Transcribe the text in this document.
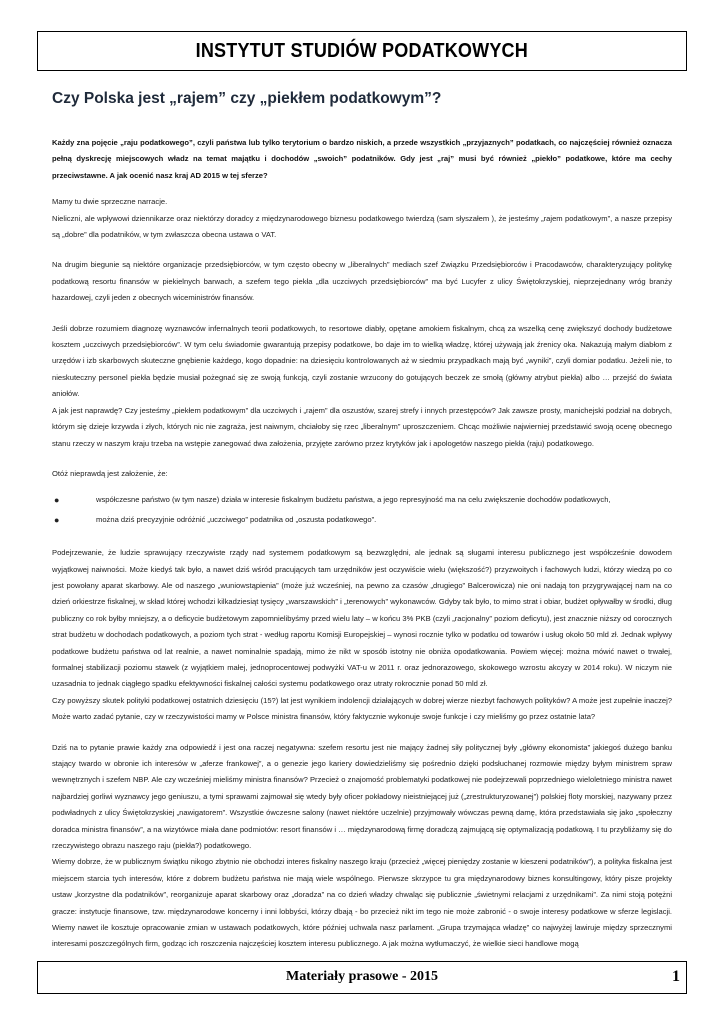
INSTYTUT STUDIÓW PODATKOWYCH
Czy Polska jest „rajem” czy „piekłem podatkowym”?

Każdy zna pojęcie „raju podatkowego”, czyli państwa lub tylko terytorium o bardzo niskich, a przede wszystkich „przyjaznych” podatkach, co najczęściej również oznacza pełną dyskrecję miejscowych władz na temat majątku i dochodów „swoich” podatników. Gdy jest „raj” musi być również „piekło” podatkowe, które ma cechy przeciwstawne. A jak ocenić nasz kraj AD 2015 w tej sferze?

Mamy tu dwie sprzeczne narracje.

Nieliczni, ale wpływowi dziennikarze oraz niektórzy doradcy z międzynarodowego biznesu podatkowego twierdzą (sam słyszałem ), że jesteśmy „rajem podatkowym”, a nasze przepisy są „dobre” dla podatników, w tym zwłaszcza obecna ustawa o VAT.

Na drugim biegunie są niektóre organizacje przedsiębiorców, w tym często obecny w „liberalnych” mediach szef Związku Przedsiębiorców i Pracodawców, charakteryzujący politykę podatkową resortu finansów w piekielnych barwach, a szefem tego piekła „dla uczciwych przedsiębiorców” ma być Lucyfer z ulicy Świętokrzyskiej, nieprzejednany wróg branży hazardowej, czyli jeden z obecnych wiceministrów finansów.

Jeśli dobrze rozumiem diagnozę wyznawców infernalnych teorii podatkowych, to resortowe diabły, opętane amokiem fiskalnym, chcą za wszelką cenę zwiększyć dochody budżetowe kosztem „uczciwych przedsiębiorców”. W tym celu świadomie gwarantują przepisy podatkowe, bo daje im to wielką władzę, której używają jak źrenicy oka. Nakazują małym diabłom z urzędów i izb skarbowych skuteczne gnębienie każdego, kogo dopadnie: na dziesięciu kontrolowanych aż w siedmiu przypadkach mają być „wyniki”, czyli domiar podatku. Jeżeli nie, to nieskuteczny personel piekła będzie musiał pożegnać się ze swoją funkcją, czyli zostanie wrzucony do gotujących beczek ze smołą (główny atrybut piekła) albo … przejść do świata aniołów.

A jak jest naprawdę? Czy jesteśmy „piekłem podatkowym” dla uczciwych i „rajem” dla oszustów, szarej strefy i innych przestępców? Jak zawsze prosty, manichejski podział na dobrych, którym się dzieje krzywda i złych, których nic nie zagraża, jest naiwnym, chciałoby się rzec „liberalnym” uproszczeniem. Chcąc możliwie najwierniej przedstawić swoją ocenę obecnego stanu rzeczy w naszym kraju trzeba na wstępie zanegować dwa założenia, przyjęte zarówno przez krytyków jak i apologetów naszego piekła (raju) podatkowego.

Otóż nieprawdą jest założenie, że:

●	współczesne państwo (w tym nasze) działa w interesie fiskalnym budżetu państwa, a jego represyjność ma na celu zwiększenie dochodów podatkowych,
●	można dziś precyzyjnie odróżnić „uczciwego” podatnika od „oszusta podatkowego”.

Podejrzewanie, że ludzie sprawujący rzeczywiste rządy nad systemem podatkowym są bezwzględni, ale jednak są sługami interesu publicznego jest współcześnie dowodem wyjątkowej naiwności. Może kiedyś tak było, a nawet dziś wśród pracujących tam urzędników jest oczywiście wielu (większość?) przyzwoitych i fachowych ludzi, którzy wiedzą po co jest powołany aparat skarbowy. Ale od naszego „wuniowstąpienia” (może już wcześniej, na pewno za czasów „drugiego” Balcerowicza) nie oni nadają ton przygrywającej nam na co dzień orkiestrze fiskalnej, w skład której wchodzi kilkadziesiąt tysięcy „warszawskich” i „terenowych” wykonawców. Gdyby tak było, to mimo strat i obiar, budżet opływałby w środki, dług publiczny co rok byłby mniejszy, a o deficycie budżetowym zapomnielibyśmy przed wielu laty – w końcu 3% PKB (czyli „racjonalny” poziom deficytu), jest znacznie niższy od corocznych strat budżetu w dochodach podatkowych, a poziom tych strat - według raportu Komisji Europejskiej – wynosi rocznie tylko w podatku od towarów i usług około 50 mld zł. Jednak wpływy podatkowe budżetu państwa od lat realnie, a nawet nominalnie spadają, mimo że nikt w sposób istotny nie obniża opodatkowania. Powiem więcej: można mówić nawet o trwałej, formalnej stabilizacji poziomu stawek (z wyjątkiem małej, jednoprocentowej podwyżki VAT-u w 2011 r. oraz jednorazowego, skokowego wzrostu akcyzy w 2014 roku). W niczym nie uzasadnia to jednak ciągłego spadku efektywności fiskalnej całości systemu podatkowego oraz utraty rokrocznie ponad 50 mld zł.

Czy powyższy skutek polityki podatkowej ostatnich dziesięciu (15?) lat jest wynikiem indolencji działających w dobrej wierze niezbyt fachowych polityków? A może jest zupełnie inaczej? Może warto zadać pytanie, czy w rzeczywistości mamy w Polsce ministra finansów, który faktycznie wykonuje swoje funkcje i czy mieliśmy go przez ostatnie lata?

Dziś na to pytanie prawie każdy zna odpowiedź i jest ona raczej negatywna: szefem resortu jest nie mający żadnej siły politycznej były „główny ekonomista” jakiegoś dużego banku stający twardo w obronie ich interesów w „aferze frankowej”, a o genezie jego kariery dowiedzieliśmy się pośrednio dzięki podsłuchanej rozmowie między byłym ministrem spraw wewnętrznych i szefem NBP. Ale czy wcześniej mieliśmy ministra finansów? Przecież o znajomość problematyki podatkowej nie podejrzewali poprzedniego wieloletniego ministra nawet najbardziej gorliwi wyznawcy jego geniuszu, a tymi sprawami zajmował się wtedy były oficer pokładowy nieistniejącej już („zrestrukturyzowanej”) polskiej floty morskiej, nazywany przez podwładnych z ulicy Świętokrzyskiej „nawigatorem”. Wszystkie ówczesne salony (nawet niektóre uczelnie) przyjmowały wówczas pewną damę, która przedstawiała się jako „społeczny doradca ministra finansów”, a na wizytówce miała dane podmiotów: resort finansów i … międzynarodową firmę doradczą zajmującą się optymalizacją podatkową. I tu przybliżamy się do rzeczywistego obrazu naszego raju (piekła?) podatkowego.

Wiemy dobrze, że w publicznym świątku nikogo zbytnio nie obchodzi interes fiskalny naszego kraju (przecież „więcej pieniędzy zostanie w kieszeni podatników”), a polityka fiskalna jest miejscem starcia tych interesów, które z dobrem budżetu państwa nie mają wiele wspólnego. Pierwsze skrzypce tu gra międzynarodowy biznes konsultingowy, który pisze projekty ustaw „korzystne dla podatników”, reorganizuje aparat skarbowy oraz „doradza” na co dzień władzy chwaląc się publicznie „świetnymi relacjami z urzędnikami”. Za nimi stoją potężni gracze: instytucje finansowe, tzw. międzynarodowe koncerny i inni lobbyści, którzy dbają - bo przecież nikt im tego nie może zabronić - o swoje interesy podatkowe w sferze legislacji. Wiemy nawet ile kosztuje opracowanie zmian w ustawach podatkowych, które później uchwala nasz parlament. „Grupa trzymająca władzę” co najwyżej lawiruje między sprzecznymi interesami poszczególnych firm, godząc ich roszczenia najczęściej kosztem interesu publicznego. A jak można wytłumaczyć, że wielkie sieci handlowe mogą

Materiały prasowe - 2015	1
